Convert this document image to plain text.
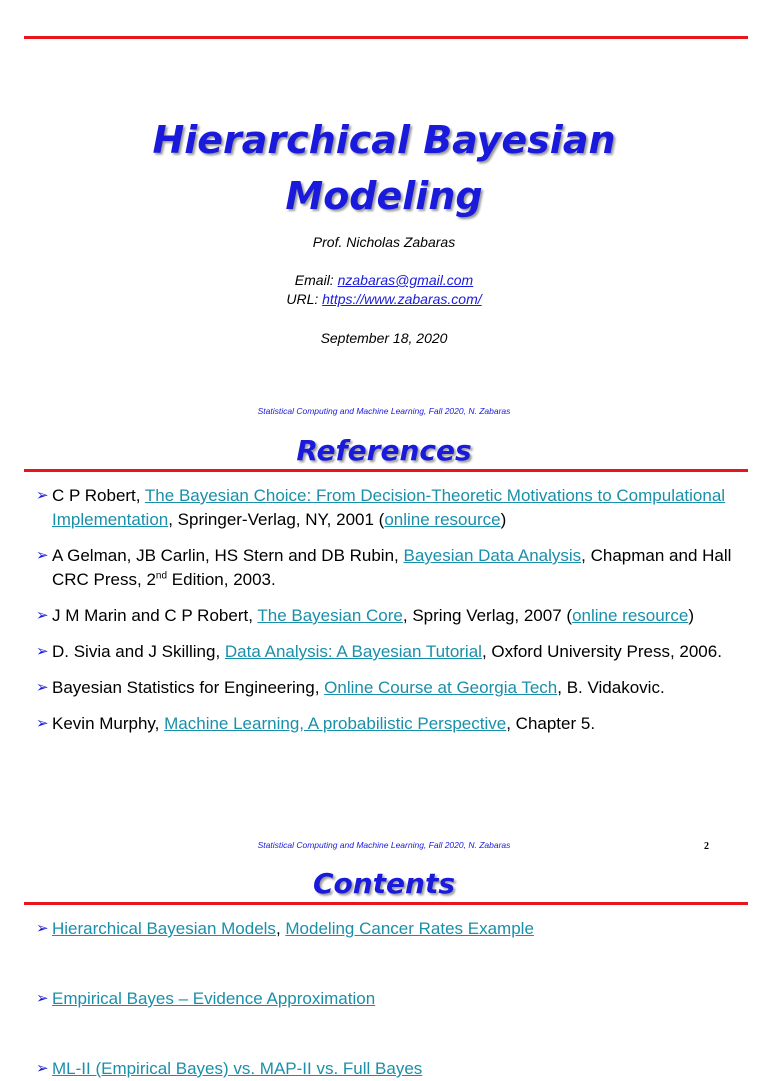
Hierarchical Bayesian
Modeling
Prof. Nicholas Zabaras
Email: nzabaras@gmail.com
URL: https://www.zabaras.com/
September 18, 2020
Statistical Computing and Machine Learning, Fall 2020, N. Zabaras
References
➢ C P Robert, The Bayesian Choice: From Decision-Theoretic Motivations to Compulational Implementation, Springer-Verlag, NY, 2001 (online resource)
➢ A Gelman, JB Carlin, HS Stern and DB Rubin, Bayesian Data Analysis, Chapman and Hall CRC Press, 2nd Edition, 2003.
➢ J M Marin and C P Robert, The Bayesian Core, Spring Verlag, 2007 (online resource)
➢ D. Sivia and J Skilling, Data Analysis: A Bayesian Tutorial, Oxford University Press, 2006.
➢ Bayesian Statistics for Engineering, Online Course at Georgia Tech, B. Vidakovic.
➢ Kevin Murphy, Machine Learning, A probabilistic Perspective, Chapter 5.
Statistical Computing and Machine Learning, Fall 2020, N. Zabaras	2
Contents
➢ Hierarchical Bayesian Models, Modeling Cancer Rates Example
➢ Empirical Bayes – Evidence Approximation
➢ ML-II (Empirical Bayes) vs. MAP-II vs. Full Bayes
